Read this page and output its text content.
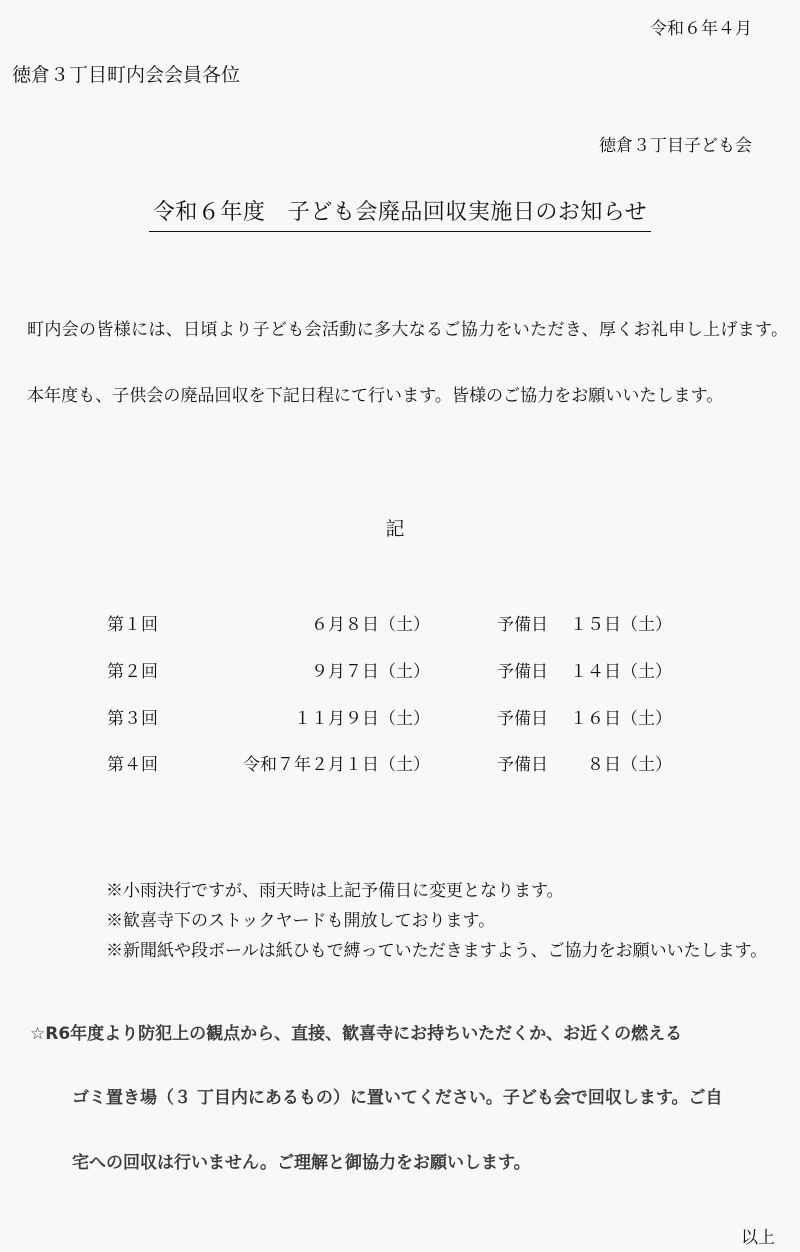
令和６年４月
徳倉３丁目町内会会員各位
徳倉３丁目子ども会
令和６年度　子ども会廃品回収実施日のお知らせ
町内会の皆様には、日頃より子ども会活動に多大なるご協力をいただき、厚くお礼申し上げます。
本年度も、子供会の廃品回収を下記日程にて行います。皆様のご協力をお願いいたします。
記
第１回	６月８日（土）	予備日 １５日（土）
第２回	９月７日（土）	予備日 １４日（土）
第３回	１１月９日（土）	予備日 １６日（土）
第４回	令和７年２月１日（土）	予備日 ８日（土）
※小雨決行ですが、雨天時は上記予備日に変更となります。
※歓喜寺下のストックヤードも開放しております。
※新聞紙や段ボールは紙ひもで縛っていただきますよう、ご協力をお願いいたします。
☆R6年度より防犯上の観点から、直接、歓喜寺にお持ちいただくか、お近くの燃える
ゴミ置き場（３ 丁目内にあるもの）に置いてください。子ども会で回収します。ご自
宅への回収は行いません。ご理解と御協力をお願いします。
以上
